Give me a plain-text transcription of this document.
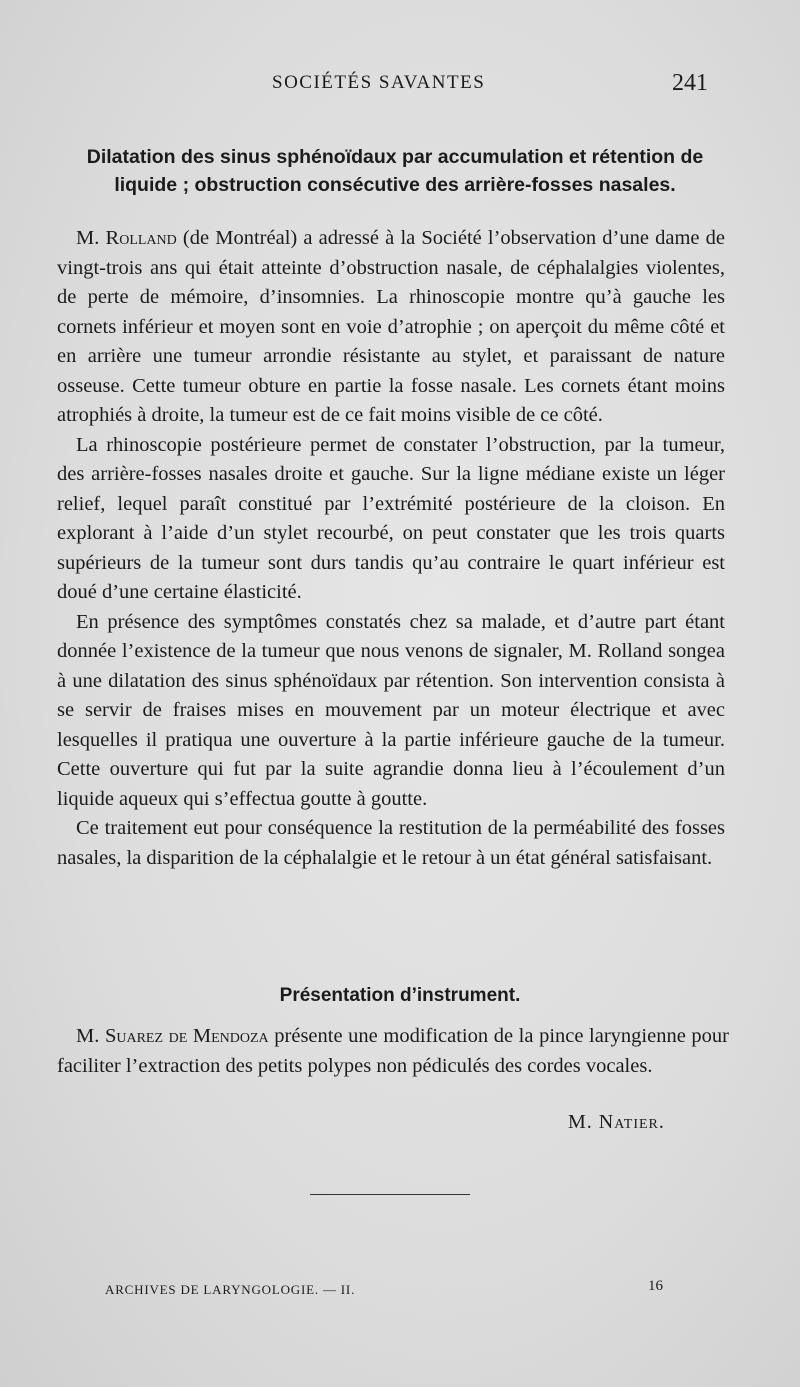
SOCIÉTÉS SAVANTES	241
Dilatation des sinus sphénoïdaux par accumulation et rétention de liquide ; obstruction consécutive des arrière-fosses nasales.

M. Rolland (de Montréal) a adressé à la Société l’observation d’une dame de vingt-trois ans qui était atteinte d’obstruction nasale, de céphalalgies violentes, de perte de mémoire, d’insomnies. La rhinoscopie montre qu’à gauche les cornets inférieur et moyen sont en voie d’atrophie ; on aperçoit du même côté et en arrière une tumeur arrondie résistante au stylet, et paraissant de nature osseuse. Cette tumeur obture en partie la fosse nasale. Les cornets étant moins atrophiés à droite, la tumeur est de ce fait moins visible de ce côté.

La rhinoscopie postérieure permet de constater l’obstruction, par la tumeur, des arrière-fosses nasales droite et gauche. Sur la ligne médiane existe un léger relief, lequel paraît constitué par l’extrémité postérieure de la cloison. En explorant à l’aide d’un stylet recourbé, on peut constater que les trois quarts supérieurs de la tumeur sont durs tandis qu’au contraire le quart inférieur est doué d’une certaine élasticité.

En présence des symptômes constatés chez sa malade, et d’autre part étant donnée l’existence de la tumeur que nous venons de signaler, M. Rolland songea à une dilatation des sinus sphénoïdaux par rétention. Son intervention consista à se servir de fraises mises en mouvement par un moteur électrique et avec lesquelles il pratiqua une ouverture à la partie inférieure gauche de la tumeur. Cette ouverture qui fut par la suite agrandie donna lieu à l’écoulement d’un liquide aqueux qui s’effectua goutte à goutte.

Ce traitement eut pour conséquence la restitution de la perméabilité des fosses nasales, la disparition de la céphalalgie et le retour à un état général satisfaisant.

Présentation d’instrument.

M. Suarez de Mendoza présente une modification de la pince laryngienne pour faciliter l’extraction des petits polypes non pédiculés des cordes vocales.

M. Natier.
ARCHIVES DE LARYNGOLOGIE. — II.	16
